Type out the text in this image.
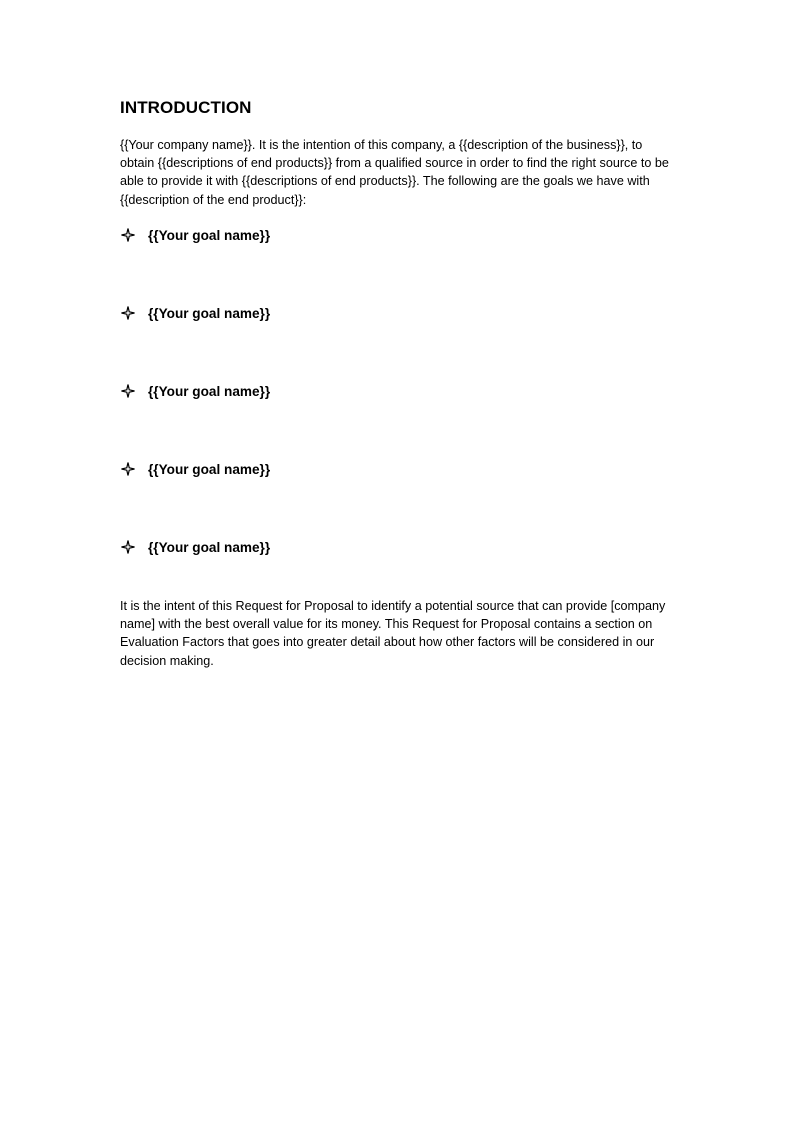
INTRODUCTION

{{Your company name}}. It is the intention of this company, a {{description of the business}}, to obtain {{descriptions of end products}} from a qualified source in order to find the right source to be able to provide it with {{descriptions of end products}}. The following are the goals we have with {{description of the end product}}:

{{Your goal name}}
{{Your goal name}}
{{Your goal name}}
{{Your goal name}}
{{Your goal name}}

It is the intent of this Request for Proposal to identify a potential source that can provide [company name] with the best overall value for its money. This Request for Proposal contains a section on Evaluation Factors that goes into greater detail about how other factors will be considered in our decision making.
